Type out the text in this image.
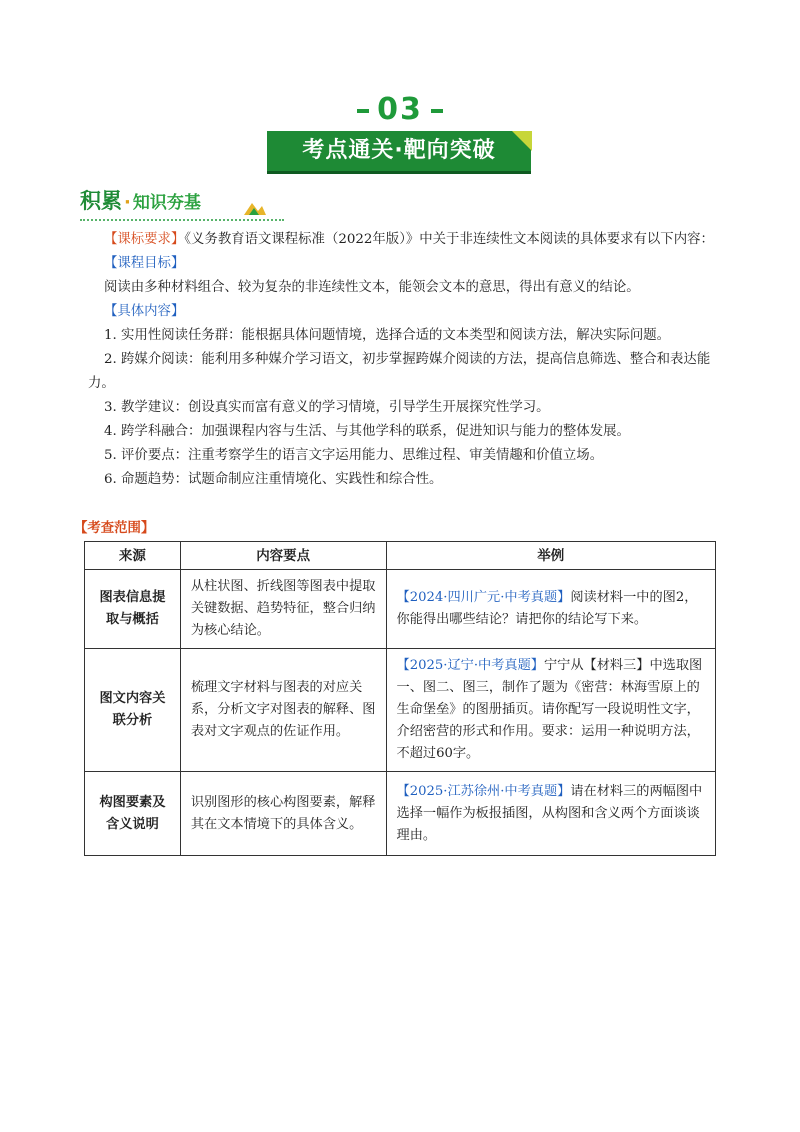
03
考点通关·靶向突破
积累 · 知识夯基

【课标要求】《义务教育语文课程标准（2022年版）》中关于非连续性文本阅读的具体要求有以下内容：

【课程目标】

阅读由多种材料组合、较为复杂的非连续性文本，能领会文本的意思，得出有意义的结论。

【具体内容】

1. 实用性阅读任务群：能根据具体问题情境，选择合适的文本类型和阅读方法，解决实际问题。

2. 跨媒介阅读：能利用多种媒介学习语文，初步掌握跨媒介阅读的方法，提高信息筛选、整合和表达能力。

3. 教学建议：创设真实而富有意义的学习情境，引导学生开展探究性学习。

4. 跨学科融合：加强课程内容与生活、与其他学科的联系，促进知识与能力的整体发展。

5. 评价要点：注重考察学生的语言文字运用能力、思维过程、审美情趣和价值立场。

6. 命题趋势：试题命制应注重情境化、实践性和综合性。

【考查范围】
来源	内容要点	举例
图表信息提取与概括	从柱状图、折线图等图表中提取关键数据、趋势特征，整合归纳为核心结论。	【2024·四川广元·中考真题】阅读材料一中的图2，你能得出哪些结论？请把你的结论写下来。
图文内容关联分析	梳理文字材料与图表的对应关系，分析文字对图表的解释、图表对文字观点的佐证作用。	【2025·辽宁·中考真题】宁宁从【材料三】中选取图一、图二、图三，制作了题为《密营：林海雪原上的生命堡垒》的图册插页。请你配写一段说明性文字，介绍密营的形式和作用。要求：运用一种说明方法，不超过60字。
构图要素及含义说明	识别图形的核心构图要素，解释其在文本情境下的具体含义。	【2025·江苏徐州·中考真题】请在材料三的两幅图中选择一幅作为板报插图，从构图和含义两个方面谈谈理由。
